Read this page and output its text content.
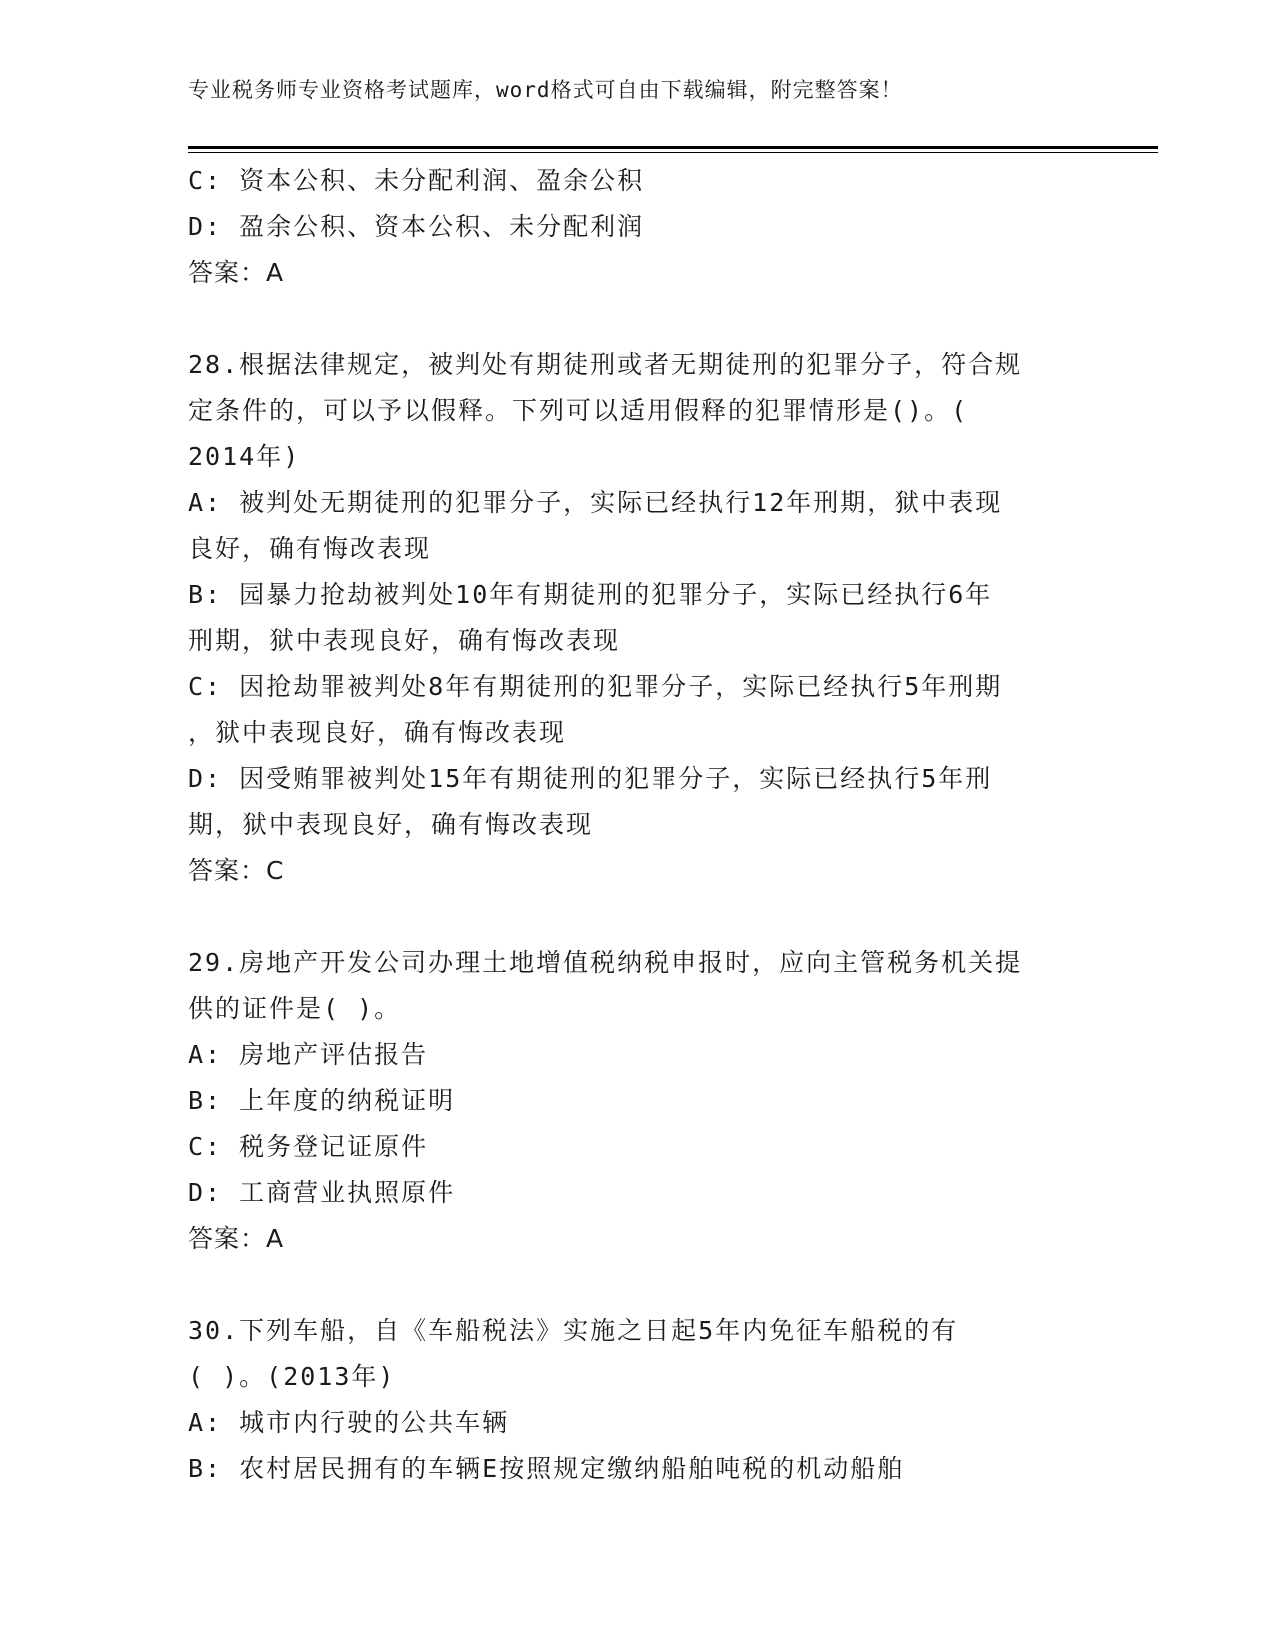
专业税务师专业资格考试题库，word格式可自由下载编辑，附完整答案！
C: 资本公积、未分配利润、盈余公积
D: 盈余公积、资本公积、未分配利润
答案：A
28.根据法律规定，被判处有期徒刑或者无期徒刑的犯罪分子，符合规
定条件的，可以予以假释。下列可以适用假释的犯罪情形是()。(
2014年)
A: 被判处无期徒刑的犯罪分子，实际已经执行12年刑期，狱中表现
良好，确有悔改表现
B: 园暴力抢劫被判处10年有期徒刑的犯罪分子，实际已经执行6年
刑期，狱中表现良好，确有悔改表现
C: 因抢劫罪被判处8年有期徒刑的犯罪分子，实际已经执行5年刑期
，狱中表现良好，确有悔改表现
D: 因受贿罪被判处15年有期徒刑的犯罪分子，实际已经执行5年刑
期，狱中表现良好，确有悔改表现
答案：C
29.房地产开发公司办理土地增值税纳税申报时，应向主管税务机关提
供的证件是( )。
A: 房地产评估报告
B: 上年度的纳税证明
C: 税务登记证原件
D: 工商营业执照原件
答案：A
30.下列车船，自《车船税法》实施之日起5年内免征车船税的有
( )。(2013年)
A: 城市内行驶的公共车辆
B: 农村居民拥有的车辆E按照规定缴纳船舶吨税的机动船舶
